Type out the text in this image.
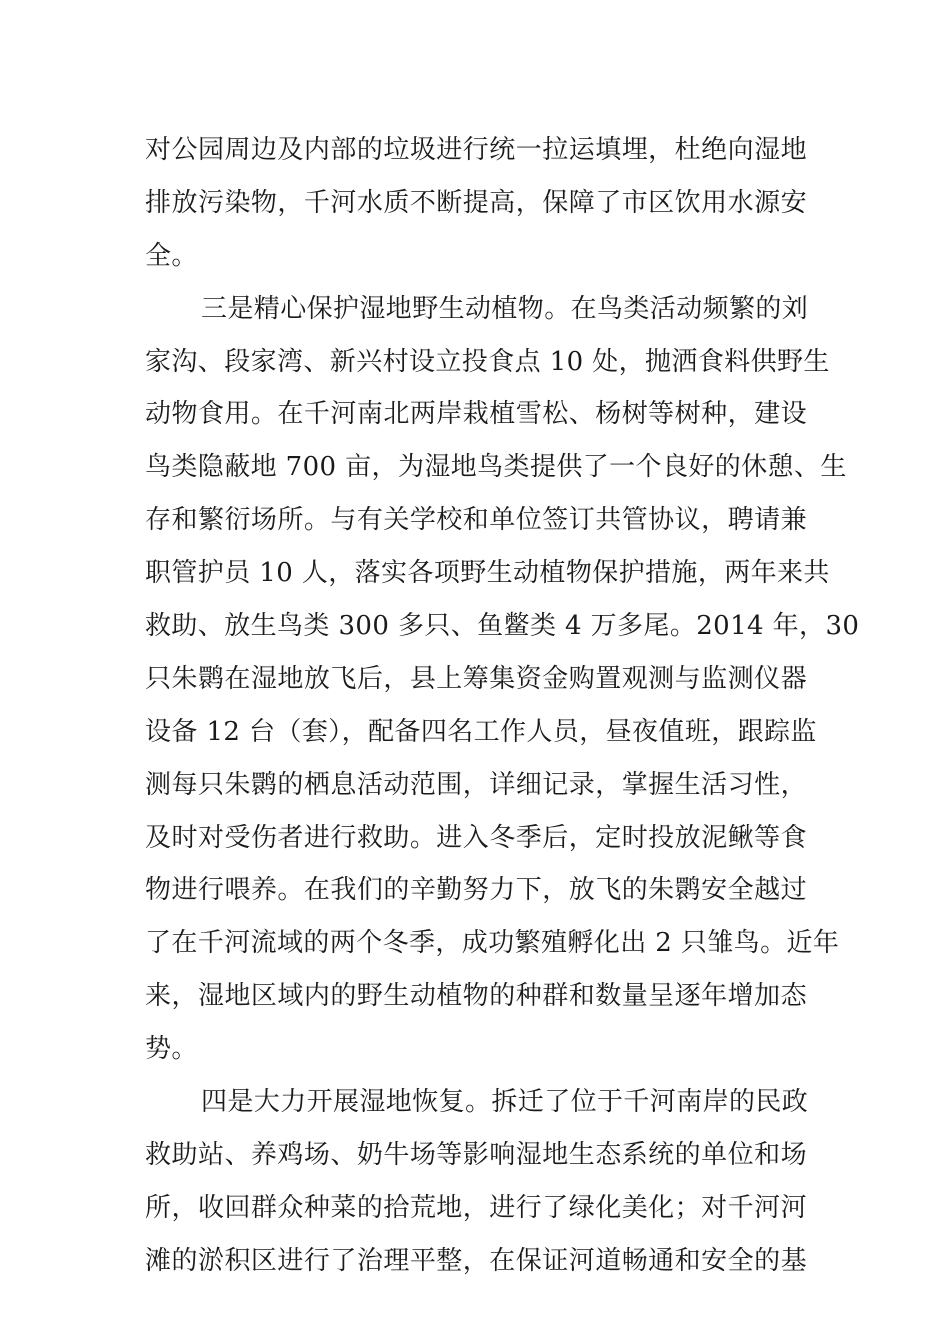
对公园周边及内部的垃圾进行统一拉运填埋，杜绝向湿地
排放污染物，千河水质不断提高，保障了市区饮用水源安
全。
三是精心保护湿地野生动植物。在鸟类活动频繁的刘
家沟、段家湾、新兴村设立投食点 10 处，抛洒食料供野生
动物食用。在千河南北两岸栽植雪松、杨树等树种，建设
鸟类隐蔽地 700 亩，为湿地鸟类提供了一个良好的休憩、生
存和繁衍场所。与有关学校和单位签订共管协议，聘请兼
职管护员 10 人，落实各项野生动植物保护措施，两年来共
救助、放生鸟类 300 多只、鱼鳖类 4 万多尾。2014 年，30
只朱鹮在湿地放飞后，县上筹集资金购置观测与监测仪器
设备 12 台（套），配备四名工作人员，昼夜值班，跟踪监
测每只朱鹮的栖息活动范围，详细记录，掌握生活习性，
及时对受伤者进行救助。进入冬季后，定时投放泥鳅等食
物进行喂养。在我们的辛勤努力下，放飞的朱鹮安全越过
了在千河流域的两个冬季，成功繁殖孵化出 2 只雏鸟。近年
来，湿地区域内的野生动植物的种群和数量呈逐年增加态
势。
四是大力开展湿地恢复。拆迁了位于千河南岸的民政
救助站、养鸡场、奶牛场等影响湿地生态系统的单位和场
所，收回群众种菜的拾荒地，进行了绿化美化；对千河河
滩的淤积区进行了治理平整，在保证河道畅通和安全的基
